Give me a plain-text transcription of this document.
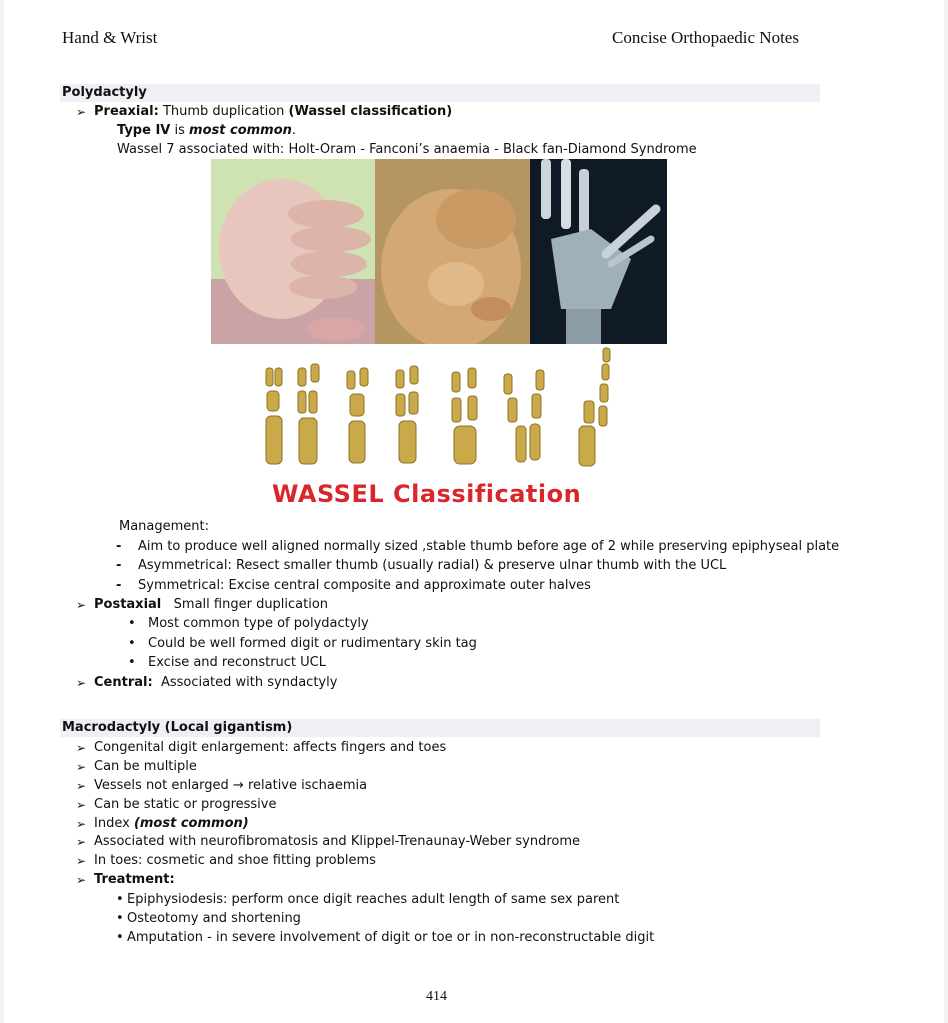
Hand & Wrist	Concise Orthopaedic Notes
Polydactyly
➢ Preaxial: Thumb duplication (Wassel classification)
Type IV is most common.
Wassel 7 associated with: Holt-Oram - Fanconi’s anaemia - Black fan-Diamond Syndrome
WASSEL Classification
Management:
- Aim to produce well aligned normally sized ,stable thumb before age of 2 while preserving epiphyseal plate
- Asymmetrical: Resect smaller thumb (usually radial) & preserve ulnar thumb with the UCL
- Symmetrical: Excise central composite and approximate outer halves
➢ Postaxial Small finger duplication
• Most common type of polydactyly
• Could be well formed digit or rudimentary skin tag
• Excise and reconstruct UCL
➢ Central: Associated with syndactyly
Macrodactyly (Local gigantism)
➢ Congenital digit enlargement: affects fingers and toes
➢ Can be multiple
➢ Vessels not enlarged → relative ischaemia
➢ Can be static or progressive
➢ Index (most common)
➢ Associated with neurofibromatosis and Klippel-Trenaunay-Weber syndrome
➢ In toes: cosmetic and shoe fitting problems
➢ Treatment:
• Epiphysiodesis: perform once digit reaches adult length of same sex parent
• Osteotomy and shortening
• Amputation - in severe involvement of digit or toe or in non-reconstructable digit
414
